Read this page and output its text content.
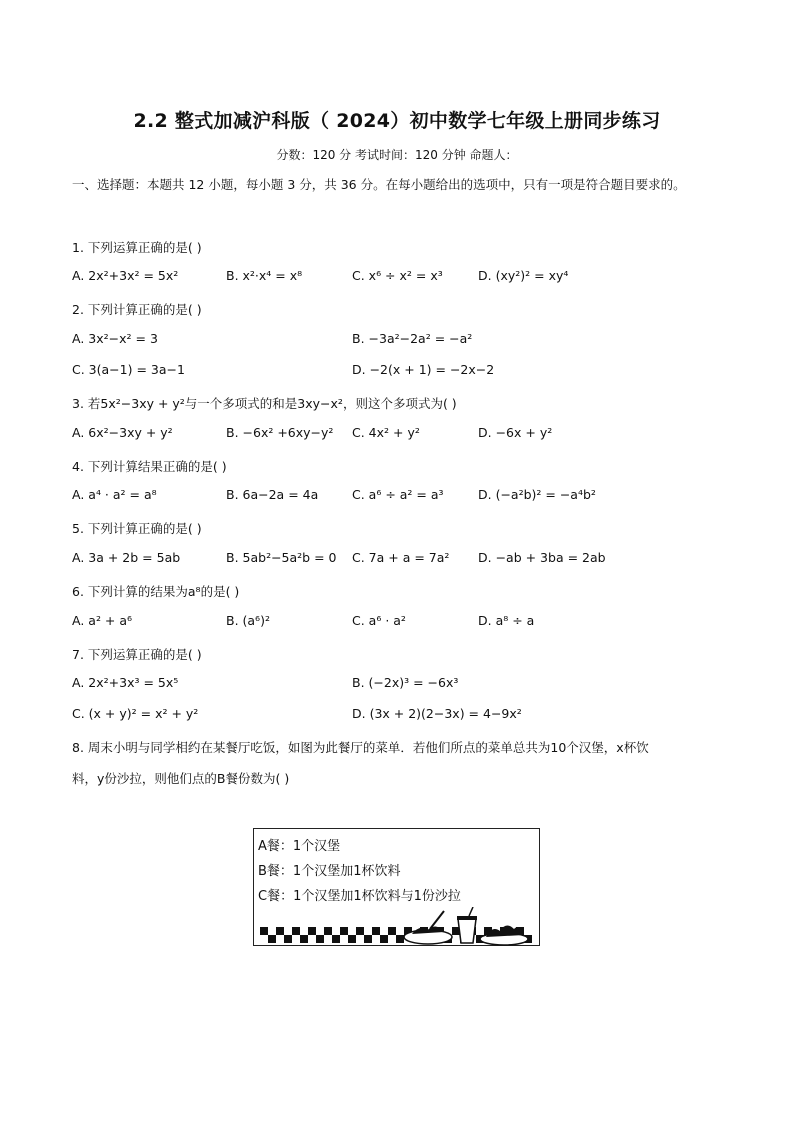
2.2 整式加减沪科版（ 2024）初中数学七年级上册同步练习
分数：120 分 考试时间：120 分钟 命题人：
一、选择题：本题共 12 小题，每小题 3 分，共 36 分。在每小题给出的选项中，只有一项是符合题目要求的。
1. 下列运算正确的是( )
A. 2x²+3x² = 5x²	B. x²·x⁴ = x⁸	C. x⁶ ÷ x² = x³	D. (xy²)² = xy⁴
2. 下列计算正确的是( )
A. 3x²−x² = 3	B. −3a²−2a² = −a²
C. 3(a−1) = 3a−1	D. −2(x + 1) = −2x−2
3. 若5x²−3xy + y²与一个多项式的和是3xy−x²，则这个多项式为( )
A. 6x²−3xy + y²	B. −6x² +6xy−y² C. 4x² + y²	D. −6x + y²
4. 下列计算结果正确的是( )
A. a⁴ · a² = a⁸	B. 6a−2a = 4a	C. a⁶ ÷ a² = a³	D. (−a²b)² = −a⁴b²
5. 下列计算正确的是( )
A. 3a + 2b = 5ab	B. 5ab²−5a²b = 0 C. 7a + a = 7a² D. −ab + 3ba = 2ab
6. 下列计算的结果为a⁸的是( )
A. a² + a⁶	B. (a⁶)²	C. a⁶ · a²	D. a⁸ ÷ a
7. 下列运算正确的是( )
A. 2x²+3x³ = 5x⁵	B. (−2x)³ = −6x³
C. (x + y)² = x² + y²	D. (3x + 2)(2−3x) = 4−9x²
8. 周末小明与同学相约在某餐厅吃饭，如图为此餐厅的菜单．若他们所点的菜单总共为10个汉堡，x杯饮
料，y份沙拉，则他们点的B餐份数为( )
A餐：1个汉堡
B餐：1个汉堡加1杯饮料
C餐：1个汉堡加1杯饮料与1份沙拉
